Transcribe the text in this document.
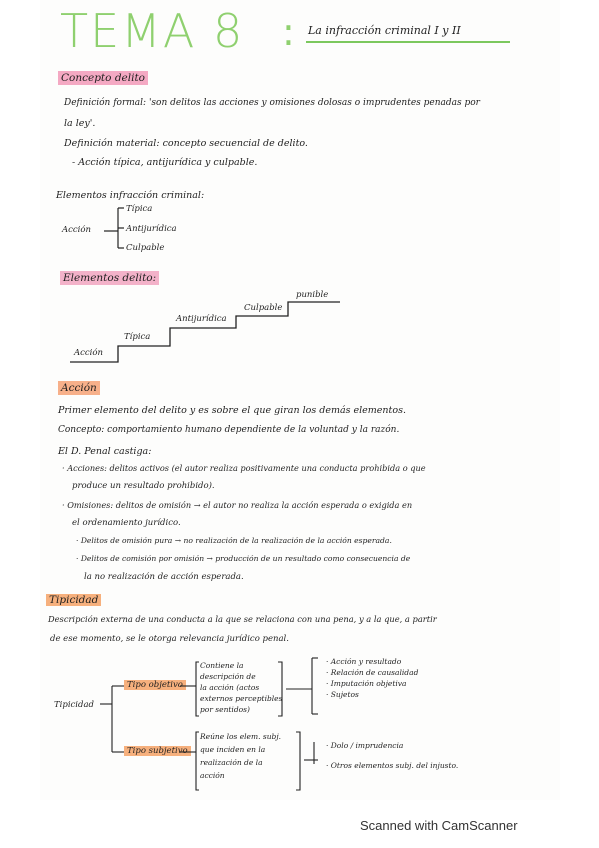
TEMA 8 : La infracción criminal I y II
Concepto delito
Definición formal: 'son delitos las acciones y omisiones dolosas o imprudentes penadas por
la ley'.
Definición material: concepto secuencial de delito.
- Acción típica, antijurídica y culpable.
Elementos infracción criminal:
Acción
Típica
Antijurídica
Culpable
Elementos delito:
Acción
Típica
Antijurídica
Culpable
punible
Acción
Primer elemento del delito y es sobre el que giran los demás elementos.
Concepto: comportamiento humano dependiente de la voluntad y la razón.
El D. Penal castiga:
· Acciones: delitos activos (el autor realiza positivamente una conducta prohibida o que
produce un resultado prohibido).
· Omisiones: delitos de omisión → el autor no realiza la acción esperada o exigida en
el ordenamiento jurídico.
· Delitos de omisión pura → no realización de la realización de la acción esperada.
· Delitos de comisión por omisión → producción de un resultado como consecuencia de
la no realización de acción esperada.
Tipicidad
Descripción externa de una conducta a la que se relaciona con una pena, y a la que, a partir
de ese momento, se le otorga relevancia jurídico penal.
Tipicidad
Tipo objetivo
Tipo subjetivo
Contiene la
descripción de
la acción (actos
externos perceptibles
por sentidos)
Reúne los elem. subj.
que inciden en la
realización de la
acción
· Acción y resultado
· Relación de causalidad
· Imputación objetiva
· Sujetos
· Dolo / imprudencia
· Otros elementos subj. del injusto.
Scanned with CamScanner
